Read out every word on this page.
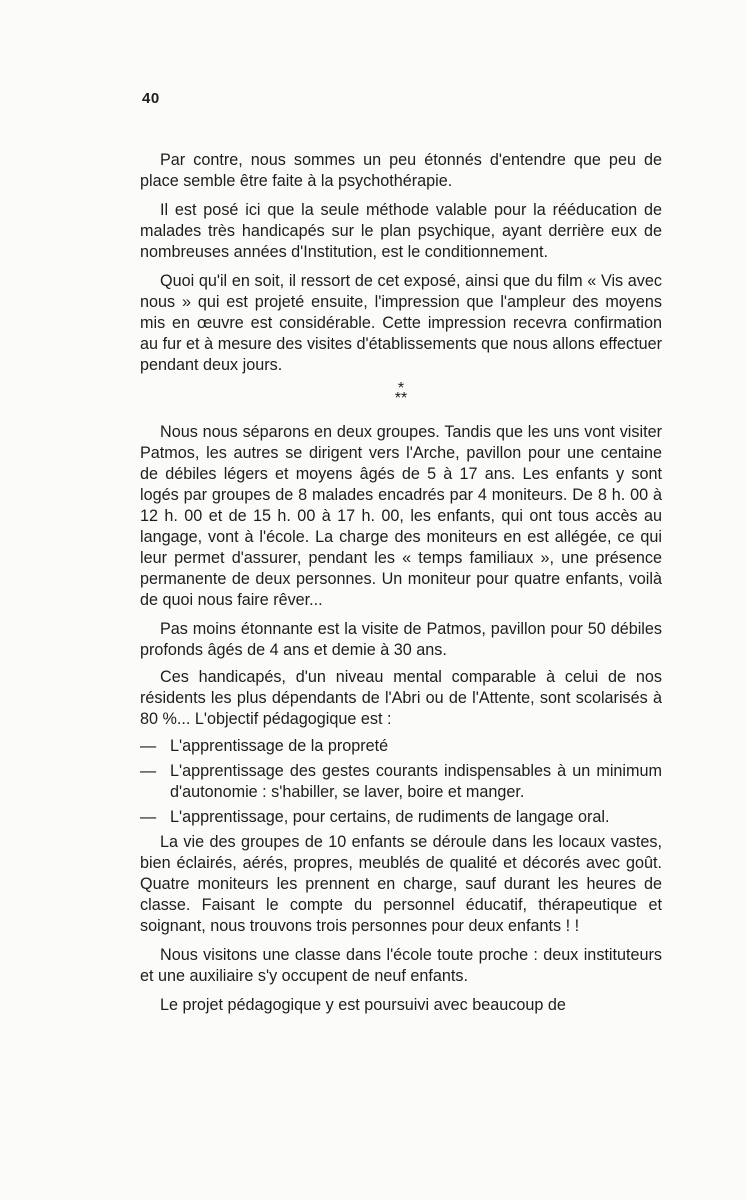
40

Par contre, nous sommes un peu étonnés d'entendre que peu de place semble être faite à la psychothérapie.

Il est posé ici que la seule méthode valable pour la rééducation de malades très handicapés sur le plan psychique, ayant derrière eux de nombreuses années d'Institution, est le conditionnement.

Quoi qu'il en soit, il ressort de cet exposé, ainsi que du film « Vis avec nous » qui est projeté ensuite, l'impression que l'ampleur des moyens mis en œuvre est considérable. Cette impression recevra confirmation au fur et à mesure des visites d'établissements que nous allons effectuer pendant deux jours.

*
**

Nous nous séparons en deux groupes. Tandis que les uns vont visiter Patmos, les autres se dirigent vers l'Arche, pavillon pour une centaine de débiles légers et moyens âgés de 5 à 17 ans. Les enfants y sont logés par groupes de 8 malades encadrés par 4 moniteurs. De 8 h. 00 à 12 h. 00 et de 15 h. 00 à 17 h. 00, les enfants, qui ont tous accès au langage, vont à l'école. La charge des moniteurs en est allégée, ce qui leur permet d'assurer, pendant les « temps familiaux », une présence permanente de deux personnes. Un moniteur pour quatre enfants, voilà de quoi nous faire rêver...

Pas moins étonnante est la visite de Patmos, pavillon pour 50 débiles profonds âgés de 4 ans et demie à 30 ans.

Ces handicapés, d'un niveau mental comparable à celui de nos résidents les plus dépendants de l'Abri ou de l'Attente, sont scolarisés à 80 %... L'objectif pédagogique est :

— L'apprentissage de la propreté
— L'apprentissage des gestes courants indispensables à un minimum d'autonomie : s'habiller, se laver, boire et manger.
— L'apprentissage, pour certains, de rudiments de langage oral.

La vie des groupes de 10 enfants se déroule dans les locaux vastes, bien éclairés, aérés, propres, meublés de qualité et décorés avec goût. Quatre moniteurs les prennent en charge, sauf durant les heures de classe. Faisant le compte du personnel éducatif, thérapeutique et soignant, nous trouvons trois personnes pour deux enfants ! !

Nous visitons une classe dans l'école toute proche : deux instituteurs et une auxiliaire s'y occupent de neuf enfants.

Le projet pédagogique y est poursuivi avec beaucoup de
